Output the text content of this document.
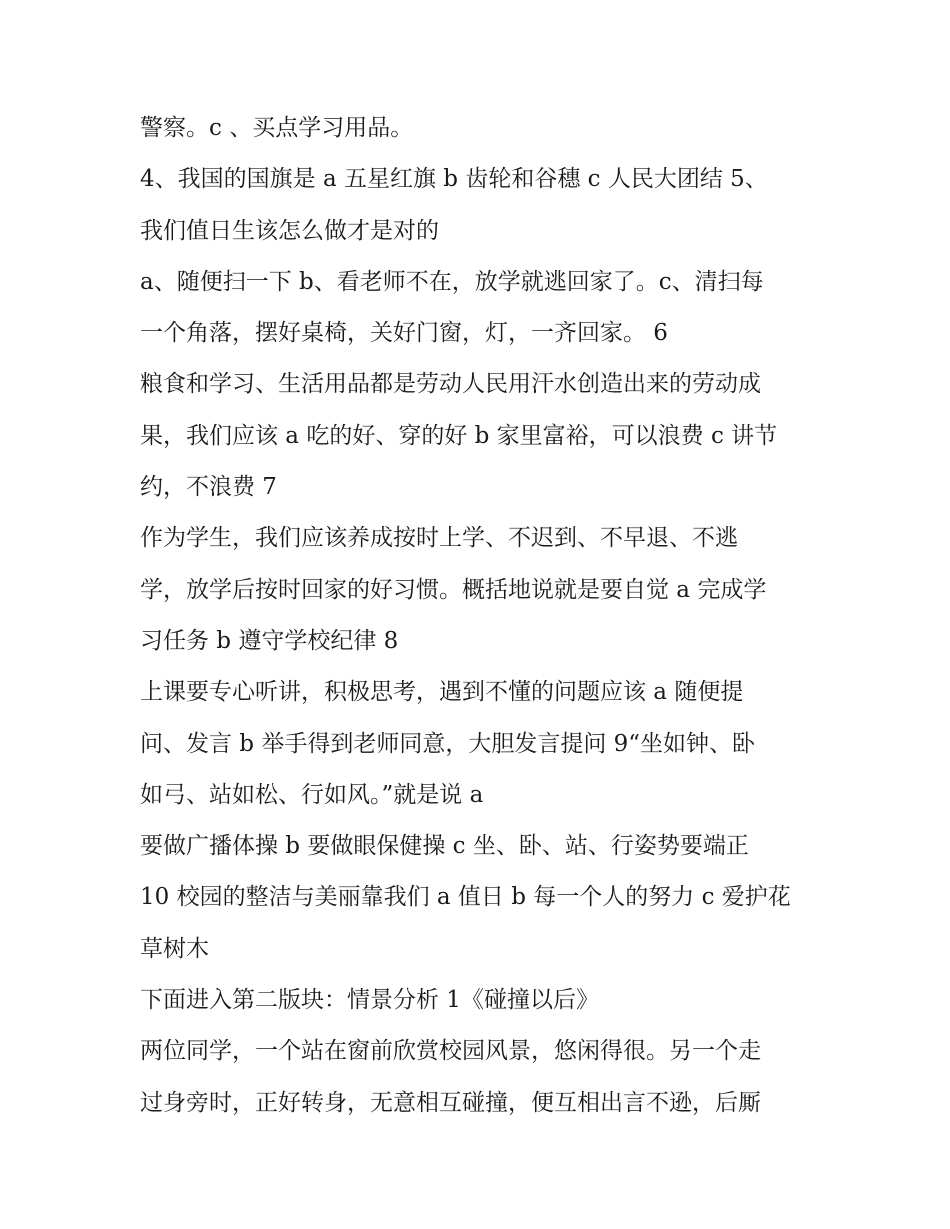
警察。c 、买点学习用品。

4、我国的国旗是 a 五星红旗 b 齿轮和谷穗 c 人民大团结 5、

我们值日生该怎么做才是对的

a、随便扫一下 b、看老师不在，放学就逃回家了。c、清扫每

一个角落，摆好桌椅，关好门窗，灯，一齐回家。 6

粮食和学习、生活用品都是劳动人民用汗水创造出来的劳动成

果，我们应该 a 吃的好、穿的好 b 家里富裕，可以浪费 c 讲节

约，不浪费 7

作为学生，我们应该养成按时上学、不迟到、不早退、不逃

学，放学后按时回家的好习惯。概括地说就是要自觉 a 完成学

习任务 b 遵守学校纪律 8

上课要专心听讲，积极思考，遇到不懂的问题应该 a 随便提

问、发言 b 举手得到老师同意，大胆发言提问 9“坐如钟、卧

如弓、站如松、行如风。”就是说 a

要做广播体操 b 要做眼保健操 c 坐、卧、站、行姿势要端正

10 校园的整洁与美丽靠我们 a 值日 b 每一个人的努力 c 爱护花

草树木

下面进入第二版块：情景分析 1《碰撞以后》

两位同学，一个站在窗前欣赏校园风景，悠闲得很。另一个走

过身旁时，正好转身，无意相互碰撞，便互相出言不逊，后厮
